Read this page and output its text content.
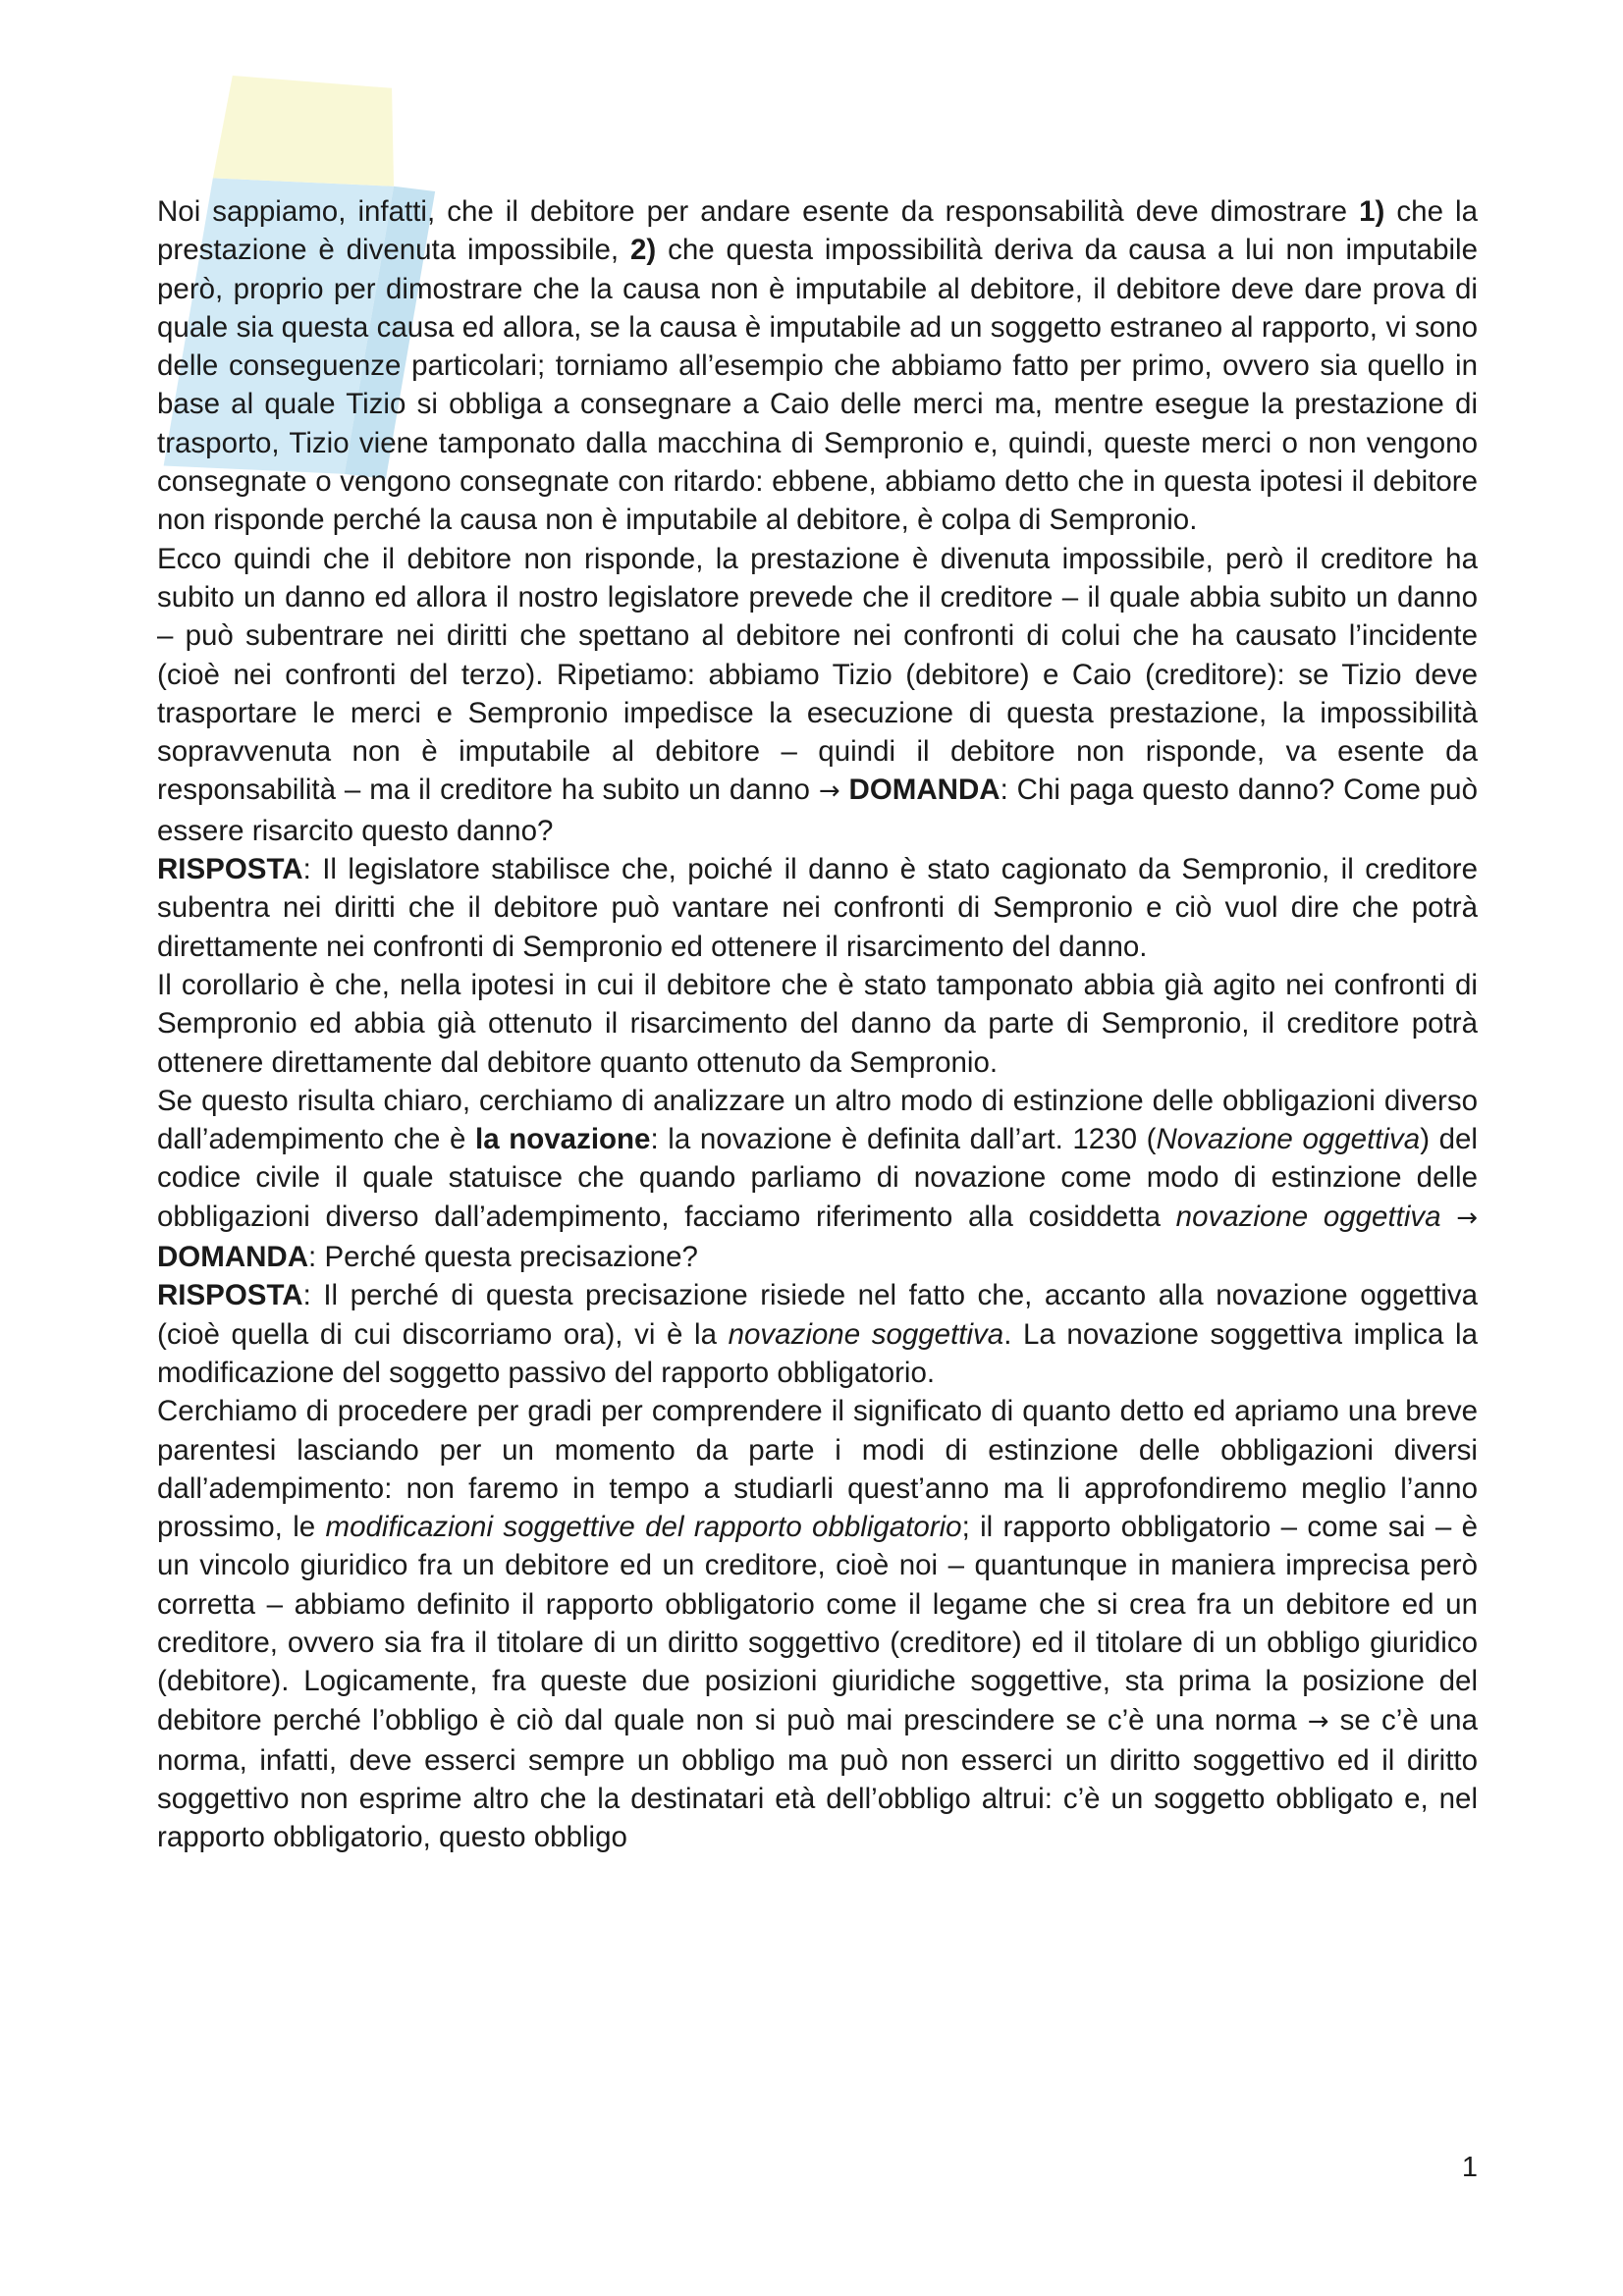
Noi sappiamo, infatti, che il debitore per andare esente da responsabilità deve dimostrare 1) che la prestazione è divenuta impossibile, 2) che questa impossibilità deriva da causa a lui non imputabile però, proprio per dimostrare che la causa non è imputabile al debitore, il debitore deve dare prova di quale sia questa causa ed allora, se la causa è imputabile ad un soggetto estraneo al rapporto, vi sono delle conseguenze particolari; torniamo all’esempio che abbiamo fatto per primo, ovvero sia quello in base al quale Tizio si obbliga a consegnare a Caio delle merci ma, mentre esegue la prestazione di trasporto, Tizio viene tamponato dalla macchina di Sempronio e, quindi, queste merci o non vengono consegnate o vengono consegnate con ritardo: ebbene, abbiamo detto che in questa ipotesi il debitore non risponde perché la causa non è imputabile al debitore, è colpa di Sempronio.

Ecco quindi che il debitore non risponde, la prestazione è divenuta impossibile, però il creditore ha subito un danno ed allora il nostro legislatore prevede che il creditore – il quale abbia subito un danno – può subentrare nei diritti che spettano al debitore nei confronti di colui che ha causato l’incidente (cioè nei confronti del terzo). Ripetiamo: abbiamo Tizio (debitore) e Caio (creditore): se Tizio deve trasportare le merci e Sempronio impedisce la esecuzione di questa prestazione, la impossibilità sopravvenuta non è imputabile al debitore – quindi il debitore non risponde, va esente da responsabilità – ma il creditore ha subito un danno → DOMANDA: Chi paga questo danno? Come può essere risarcito questo danno?

RISPOSTA: Il legislatore stabilisce che, poiché il danno è stato cagionato da Sempronio, il creditore subentra nei diritti che il debitore può vantare nei confronti di Sempronio e ciò vuol dire che potrà direttamente nei confronti di Sempronio ed ottenere il risarcimento del danno.

Il corollario è che, nella ipotesi in cui il debitore che è stato tamponato abbia già agito nei confronti di Sempronio ed abbia già ottenuto il risarcimento del danno da parte di Sempronio, il creditore potrà ottenere direttamente dal debitore quanto ottenuto da Sempronio.

Se questo risulta chiaro, cerchiamo di analizzare un altro modo di estinzione delle obbligazioni diverso dall’adempimento che è la novazione: la novazione è definita dall’art. 1230 (Novazione oggettiva) del codice civile il quale statuisce che quando parliamo di novazione come modo di estinzione delle obbligazioni diverso dall’adempimento, facciamo riferimento alla cosiddetta novazione oggettiva → DOMANDA: Perché questa precisazione?

RISPOSTA: Il perché di questa precisazione risiede nel fatto che, accanto alla novazione oggettiva (cioè quella di cui discorriamo ora), vi è la novazione soggettiva. La novazione soggettiva implica la modificazione del soggetto passivo del rapporto obbligatorio.

Cerchiamo di procedere per gradi per comprendere il significato di quanto detto ed apriamo una breve parentesi lasciando per un momento da parte i modi di estinzione delle obbligazioni diversi dall’adempimento: non faremo in tempo a studiarli quest’anno ma li approfondiremo meglio l’anno prossimo, le modificazioni soggettive del rapporto obbligatorio; il rapporto obbligatorio – come sai – è un vincolo giuridico fra un debitore ed un creditore, cioè noi – quantunque in maniera imprecisa però corretta – abbiamo definito il rapporto obbligatorio come il legame che si crea fra un debitore ed un creditore, ovvero sia fra il titolare di un diritto soggettivo (creditore) ed il titolare di un obbligo giuridico (debitore). Logicamente, fra queste due posizioni giuridiche soggettive, sta prima la posizione del debitore perché l’obbligo è ciò dal quale non si può mai prescindere se c’è una norma → se c’è una norma, infatti, deve esserci sempre un obbligo ma può non esserci un diritto soggettivo ed il diritto soggettivo non esprime altro che la destinatari età dell’obbligo altrui: c’è un soggetto obbligato e, nel rapporto obbligatorio, questo obbligo

1
